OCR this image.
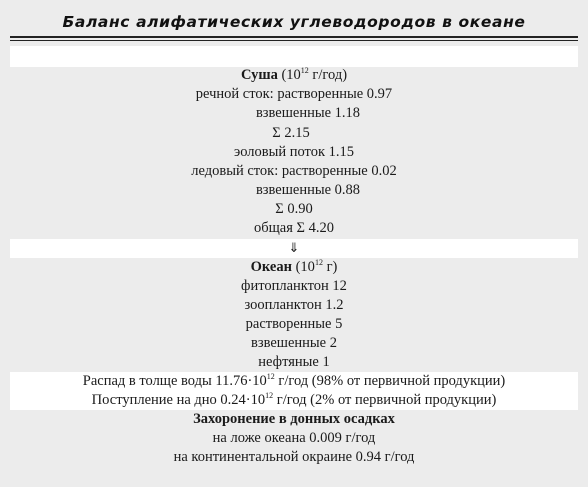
Баланс алифатических углеводородов в океане
Суша ($10^{12}$ г/год)
речной сток: растворенные 0.97
взвешенные 1.18
Σ 2.15
эоловый поток 1.15
ледовый сток: растворенные 0.02
взвешенные 0.88
Σ 0.90
общая Σ 4.20
⇓
Океан ($10^{12}$ г)
фитопланктон 12
зоопланктон 1.2
растворенные 5
взвешенные 2
нефтяные 1
Распад в толще воды $11.76\cdot 10^{12}$ г/год (98% от первичной продукции)
Поступление на дно $0.24\cdot 10^{12}$ г/год (2% от первичной продукции)
Захоронение в донных осадках
на ложе океана 0.009 г/год
на континентальной окраине 0.94 г/год
